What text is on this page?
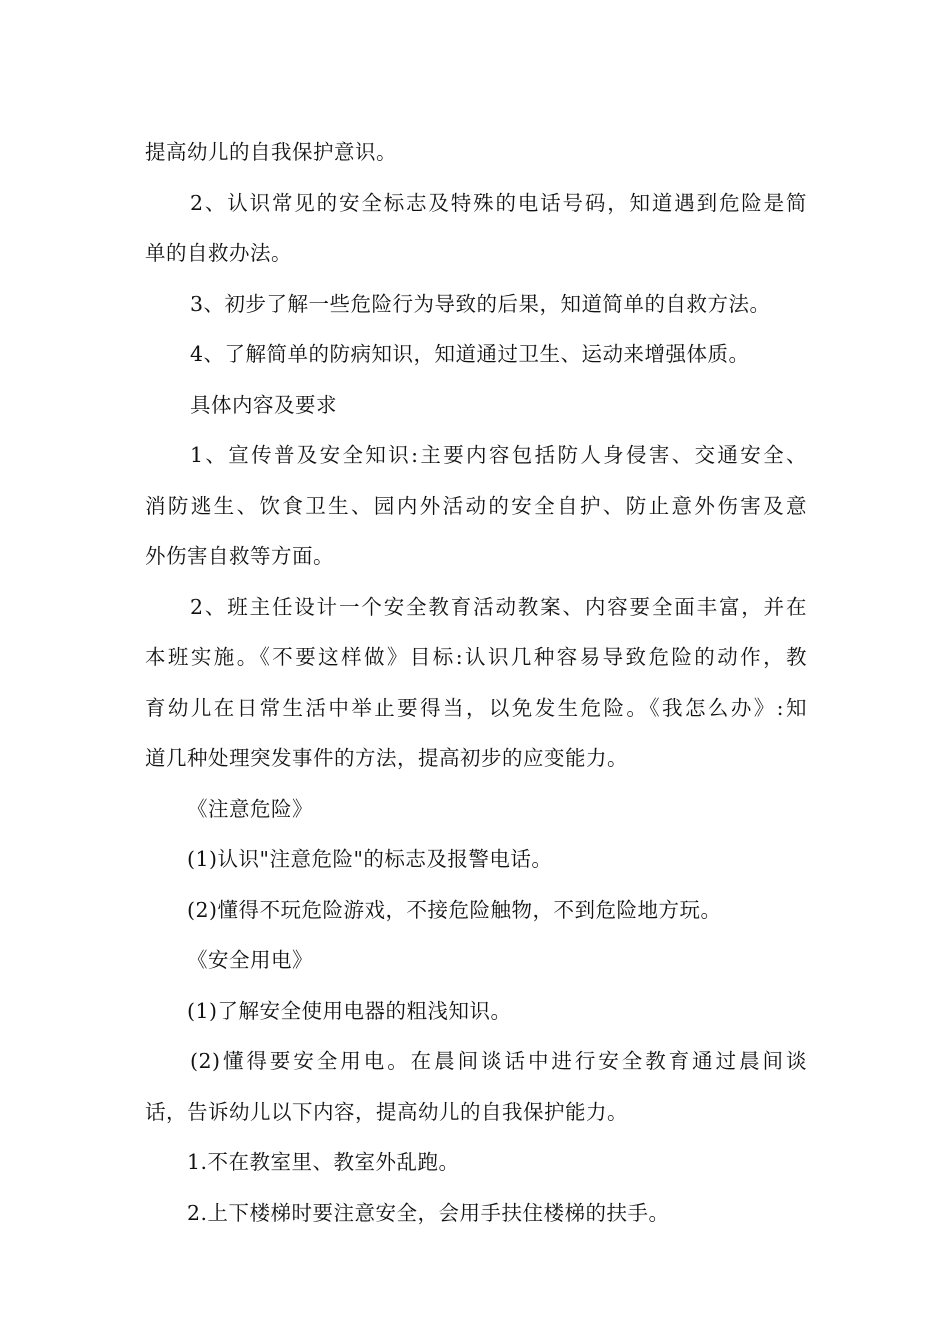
提高幼儿的自我保护意识。
2、认识常见的安全标志及特殊的电话号码，知道遇到危险是简
单的自救办法。
3、初步了解一些危险行为导致的后果，知道简单的自救方法。
4、了解简单的防病知识，知道通过卫生、运动来增强体质。
具体内容及要求
1、宣传普及安全知识:主要内容包括防人身侵害、交通安全、
消防逃生、饮食卫生、园内外活动的安全自护、防止意外伤害及意
外伤害自救等方面。
2、班主任设计一个安全教育活动教案、内容要全面丰富，并在
本班实施。《不要这样做》目标:认识几种容易导致危险的动作，教
育幼儿在日常生活中举止要得当，以免发生危险。《我怎么办》:知
道几种处理突发事件的方法，提高初步的应变能力。
《注意危险》
(1)认识"注意危险"的标志及报警电话。
(2)懂得不玩危险游戏，不接危险触物，不到危险地方玩。
《安全用电》
(1)了解安全使用电器的粗浅知识。
(2)懂得要安全用电。在晨间谈话中进行安全教育通过晨间谈
话，告诉幼儿以下内容，提高幼儿的自我保护能力。
1.不在教室里、教室外乱跑。
2.上下楼梯时要注意安全，会用手扶住楼梯的扶手。
